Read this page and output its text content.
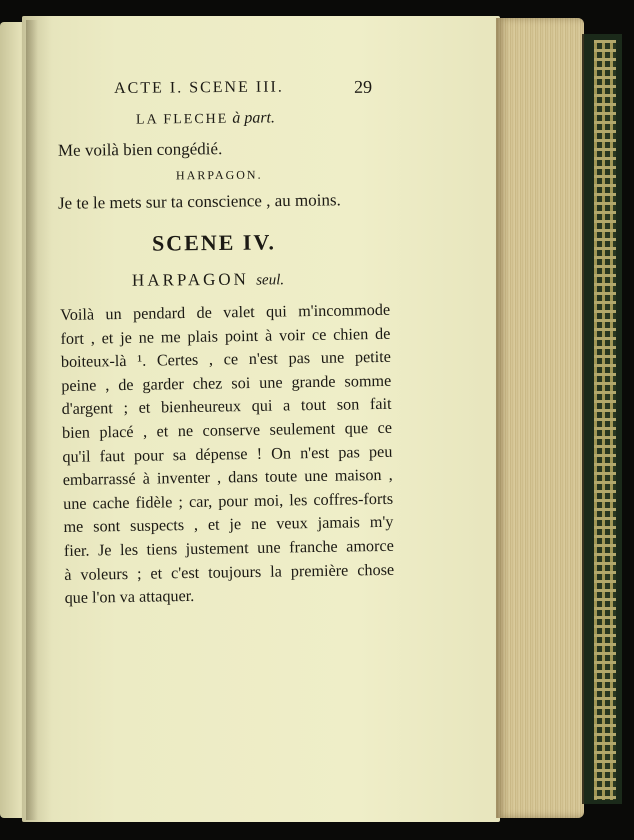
ACTE I. SCENE III.	29
LA FLECHE à part.
Me voilà bien congédié.
HARPAGON.
Je te le mets sur ta conscience , au moins.
SCENE IV.
HARPAGON seul.
Voilà un pendard de valet qui m'incommode
fort , et je ne me plais point à voir ce chien de
boiteux-là ¹. Certes , ce n'est pas une petite
peine , de garder chez soi une grande somme
d'argent ; et bienheureux qui a tout son fait
bien placé , et ne conserve seulement que ce
qu'il faut pour sa dépense ! On n'est pas peu
embarrassé à inventer , dans toute une maison ,
une cache fidèle ; car, pour moi, les coffres-forts
me sont suspects , et je ne veux jamais m'y
fier. Je les tiens justement une franche amorce
à voleurs ; et c'est toujours la première chose
que l'on va attaquer.
